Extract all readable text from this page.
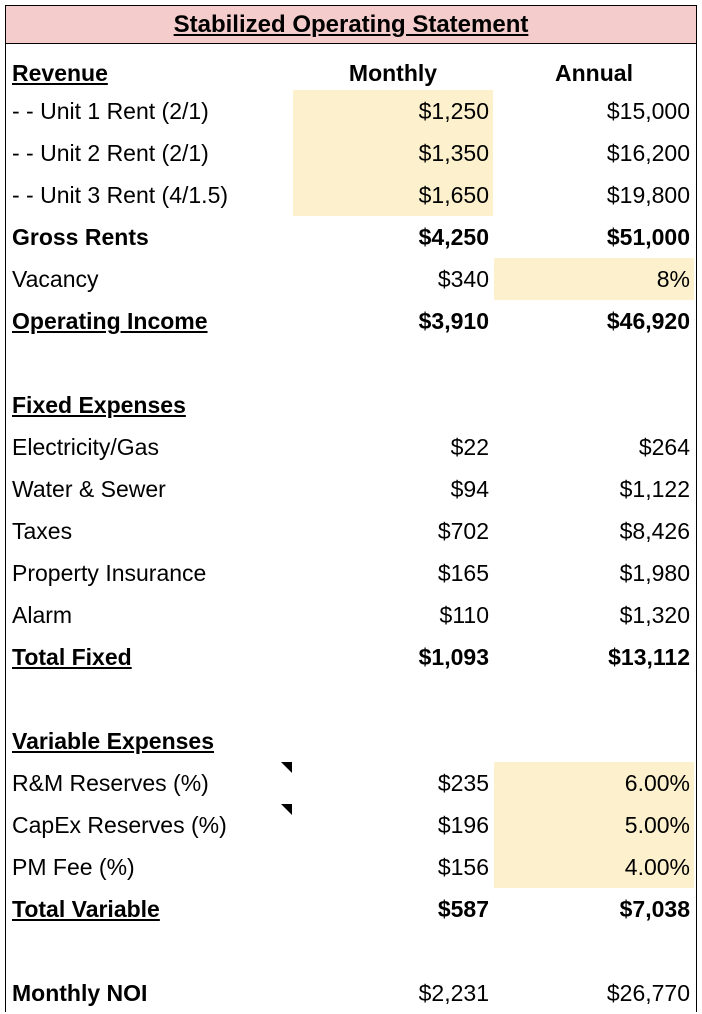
Stabilized Operating Statement
Revenue	Monthly	Annual
- - Unit 1 Rent (2/1)	$1,250	$15,000
- - Unit 2 Rent (2/1)	$1,350	$16,200
- - Unit 3 Rent (4/1.5)	$1,650	$19,800
Gross Rents	$4,250	$51,000
Vacancy	$340	8%
Operating Income	$3,910	$46,920
Fixed Expenses
Electricity/Gas	$22	$264
Water & Sewer	$94	$1,122
Taxes	$702	$8,426
Property Insurance	$165	$1,980
Alarm	$110	$1,320
Total Fixed	$1,093	$13,112
Variable Expenses
R&M Reserves (%)	$235	6.00%
CapEx Reserves (%)	$196	5.00%
PM Fee (%)	$156	4.00%
Total Variable	$587	$7,038
Monthly NOI	$2,231	$26,770
